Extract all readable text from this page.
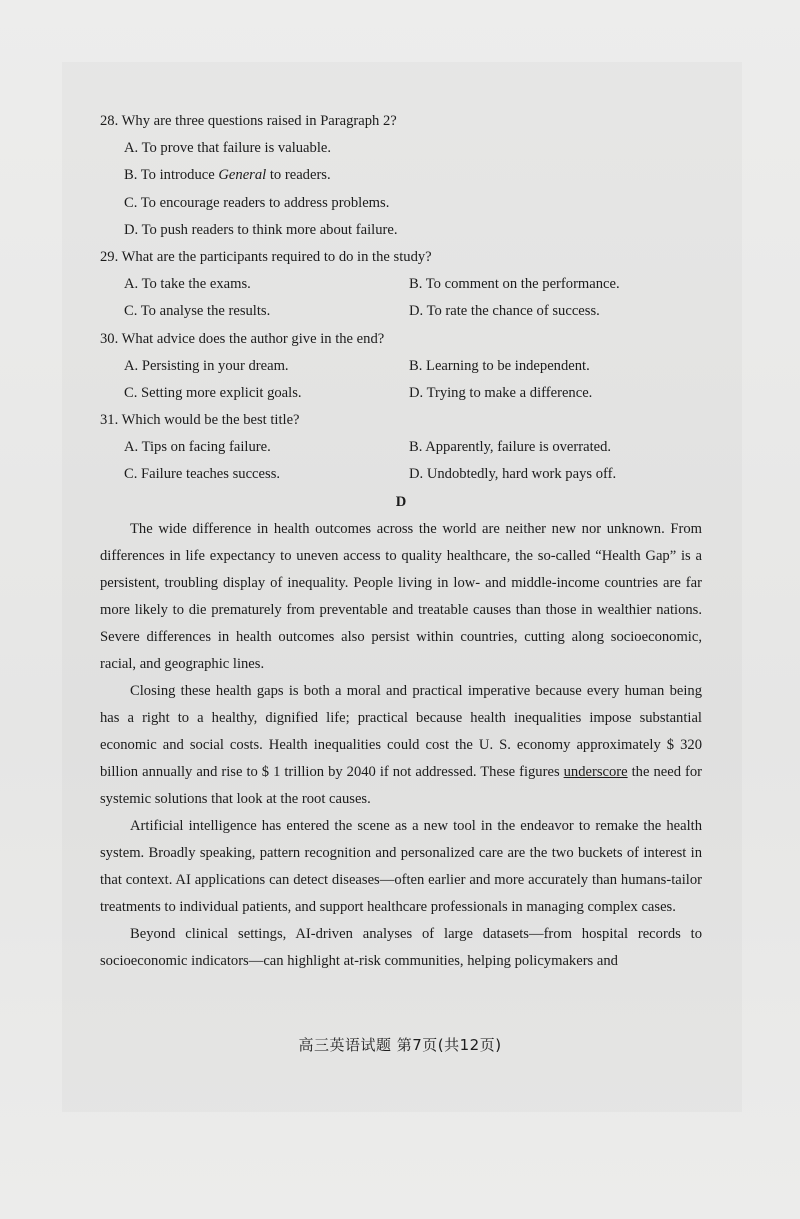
28. Why are three questions raised in Paragraph 2?

A. To prove that failure is valuable.

B. To introduce General to readers.

C. To encourage readers to address problems.

D. To push readers to think more about failure.

29. What are the participants required to do in the study?

A. To take the exams.	B. To comment on the performance.
C. To analyse the results.	D. To rate the chance of success.

30. What advice does the author give in the end?

A. Persisting in your dream.	B. Learning to be independent.
C. Setting more explicit goals.	D. Trying to make a difference.

31. Which would be the best title?

A. Tips on facing failure.	B. Apparently, failure is overrated.
C. Failure teaches success.	D. Undobtedly, hard work pays off.

D

The wide difference in health outcomes across the world are neither new nor unknown. From differences in life expectancy to uneven access to quality healthcare, the so-called “Health Gap” is a persistent, troubling display of inequality. People living in low- and middle-income countries are far more likely to die prematurely from preventable and treatable causes than those in wealthier nations. Severe differences in health outcomes also persist within countries, cutting along socioeconomic, racial, and geographic lines.

Closing these health gaps is both a moral and practical imperative because every human being has a right to a healthy, dignified life; practical because health inequalities impose substantial economic and social costs. Health inequalities could cost the U. S. economy approximately $ 320 billion annually and rise to $ 1 trillion by 2040 if not addressed. These figures underscore the need for systemic solutions that look at the root causes.

Artificial intelligence has entered the scene as a new tool in the endeavor to remake the health system. Broadly speaking, pattern recognition and personalized care are the two buckets of interest in that context. AI applications can detect diseases—often earlier and more accurately than humans-tailor treatments to individual patients, and support healthcare professionals in managing complex cases.

Beyond clinical settings, AI-driven analyses of large datasets—from hospital records to socioeconomic indicators—can highlight at-risk communities, helping policymakers and

高三英语试题 第7页(共12页)
